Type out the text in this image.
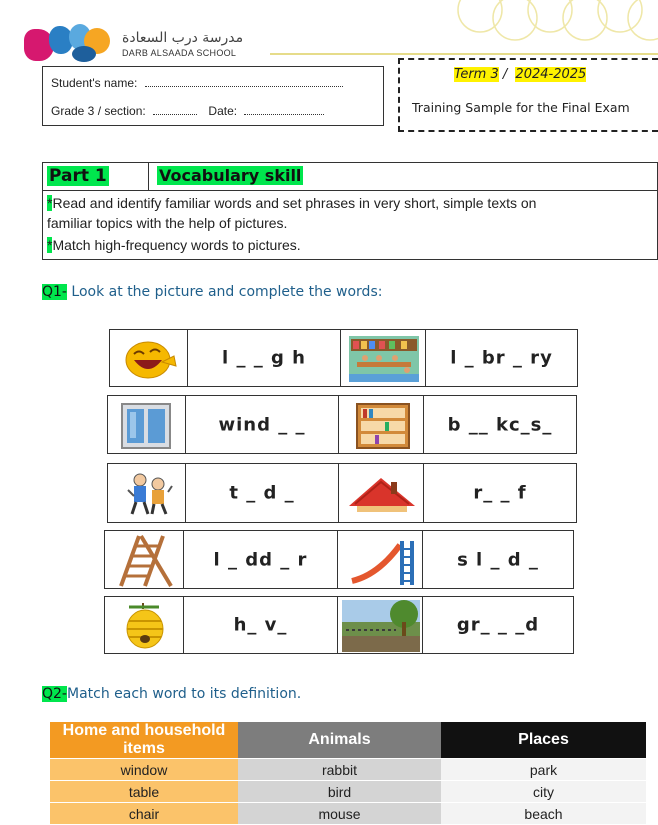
مدرسة درب السعادة
DARB ALSAADA SCHOOL
Student's name:
Grade 3 / section:	Date:
Term 3 / 2024-2025
Training Sample for the Final Exam
Part 1	Vocabulary skill
*Read and identify familiar words and set phrases in very short, simple texts on
familiar topics with the help of pictures.
*Match high-frequency words to pictures.
Q1- Look at the picture and complete the words:
l _ _ g h	l _ br _ ry
wind _ _	b __ kc_s_
t _ d _	r_ _ f
l _ dd _ r	s l _ d _
h_ v_	gr_ _ _d
Q2-Match each word to its definition.
Home and household items	Animals	Places
window	rabbit	park
table	bird	city
chair	mouse	beach
